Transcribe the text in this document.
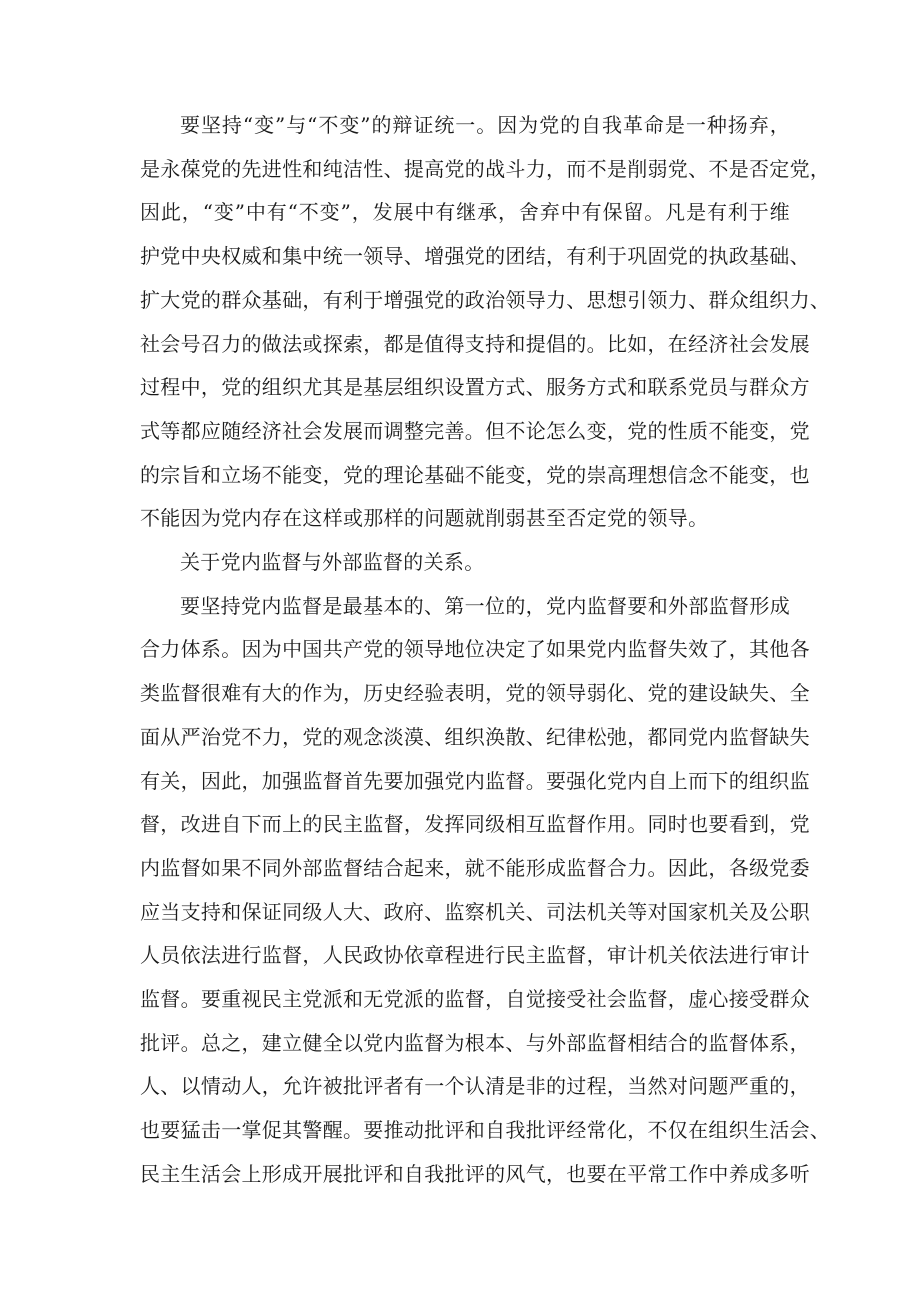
要坚持“变”与“不变”的辩证统一。因为党的自我革命是一种扬弃，
是永葆党的先进性和纯洁性、提高党的战斗力，而不是削弱党、不是否定党，
因此，“变”中有“不变”，发展中有继承，舍弃中有保留。凡是有利于维
护党中央权威和集中统一领导、增强党的团结，有利于巩固党的执政基础、
扩大党的群众基础，有利于增强党的政治领导力、思想引领力、群众组织力、
社会号召力的做法或探索，都是值得支持和提倡的。比如，在经济社会发展
过程中，党的组织尤其是基层组织设置方式、服务方式和联系党员与群众方
式等都应随经济社会发展而调整完善。但不论怎么变，党的性质不能变，党
的宗旨和立场不能变，党的理论基础不能变，党的崇高理想信念不能变，也
不能因为党内存在这样或那样的问题就削弱甚至否定党的领导。

关于党内监督与外部监督的关系。

要坚持党内监督是最基本的、第一位的，党内监督要和外部监督形成
合力体系。因为中国共产党的领导地位决定了如果党内监督失效了，其他各
类监督很难有大的作为，历史经验表明，党的领导弱化、党的建设缺失、全
面从严治党不力，党的观念淡漠、组织涣散、纪律松弛，都同党内监督缺失
有关，因此，加强监督首先要加强党内监督。要强化党内自上而下的组织监
督，改进自下而上的民主监督，发挥同级相互监督作用。同时也要看到，党
内监督如果不同外部监督结合起来，就不能形成监督合力。因此，各级党委
应当支持和保证同级人大、政府、监察机关、司法机关等对国家机关及公职
人员依法进行监督，人民政协依章程进行民主监督，审计机关依法进行审计
监督。要重视民主党派和无党派的监督，自觉接受社会监督，虚心接受群众
批评。总之，建立健全以党内监督为根本、与外部监督相结合的监督体系，
人、以情动人，允许被批评者有一个认清是非的过程，当然对问题严重的，
也要猛击一掌促其警醒。要推动批评和自我批评经常化，不仅在组织生活会、
民主生活会上形成开展批评和自我批评的风气，也要在平常工作中养成多听
